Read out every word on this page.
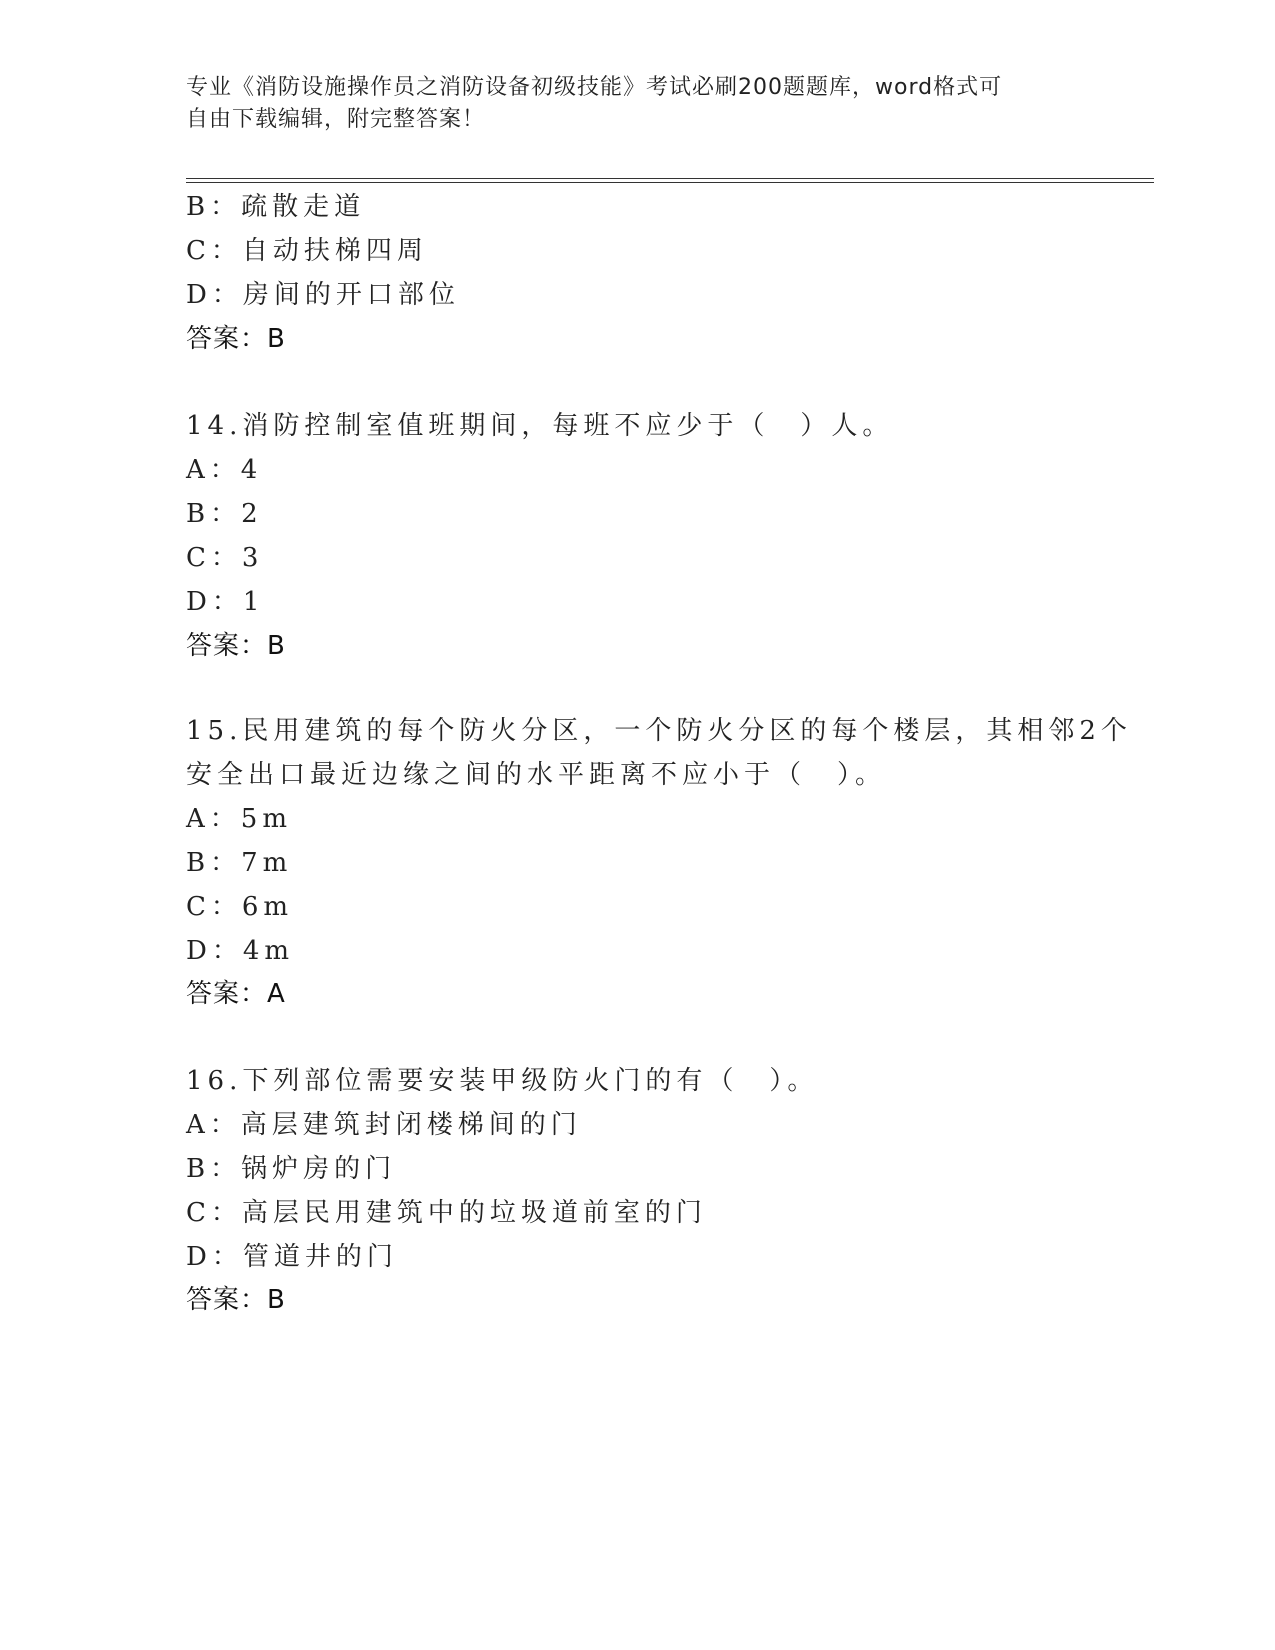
专业《消防设施操作员之消防设备初级技能》考试必刷200题题库，word格式可
自由下载编辑，附完整答案！
B：疏散走道
C：自动扶梯四周
D：房间的开口部位
答案：B
14.消防控制室值班期间，每班不应少于（　）人。
A：4
B：2
C：3
D：1
答案：B
15.民用建筑的每个防火分区，一个防火分区的每个楼层，其相邻2个
安全出口最近边缘之间的水平距离不应小于（　）。
A：5m
B：7m
C：6m
D：4m
答案：A
16.下列部位需要安装甲级防火门的有（　）。
A：高层建筑封闭楼梯间的门
B：锅炉房的门
C：高层民用建筑中的垃圾道前室的门
D：管道井的门
答案：B
